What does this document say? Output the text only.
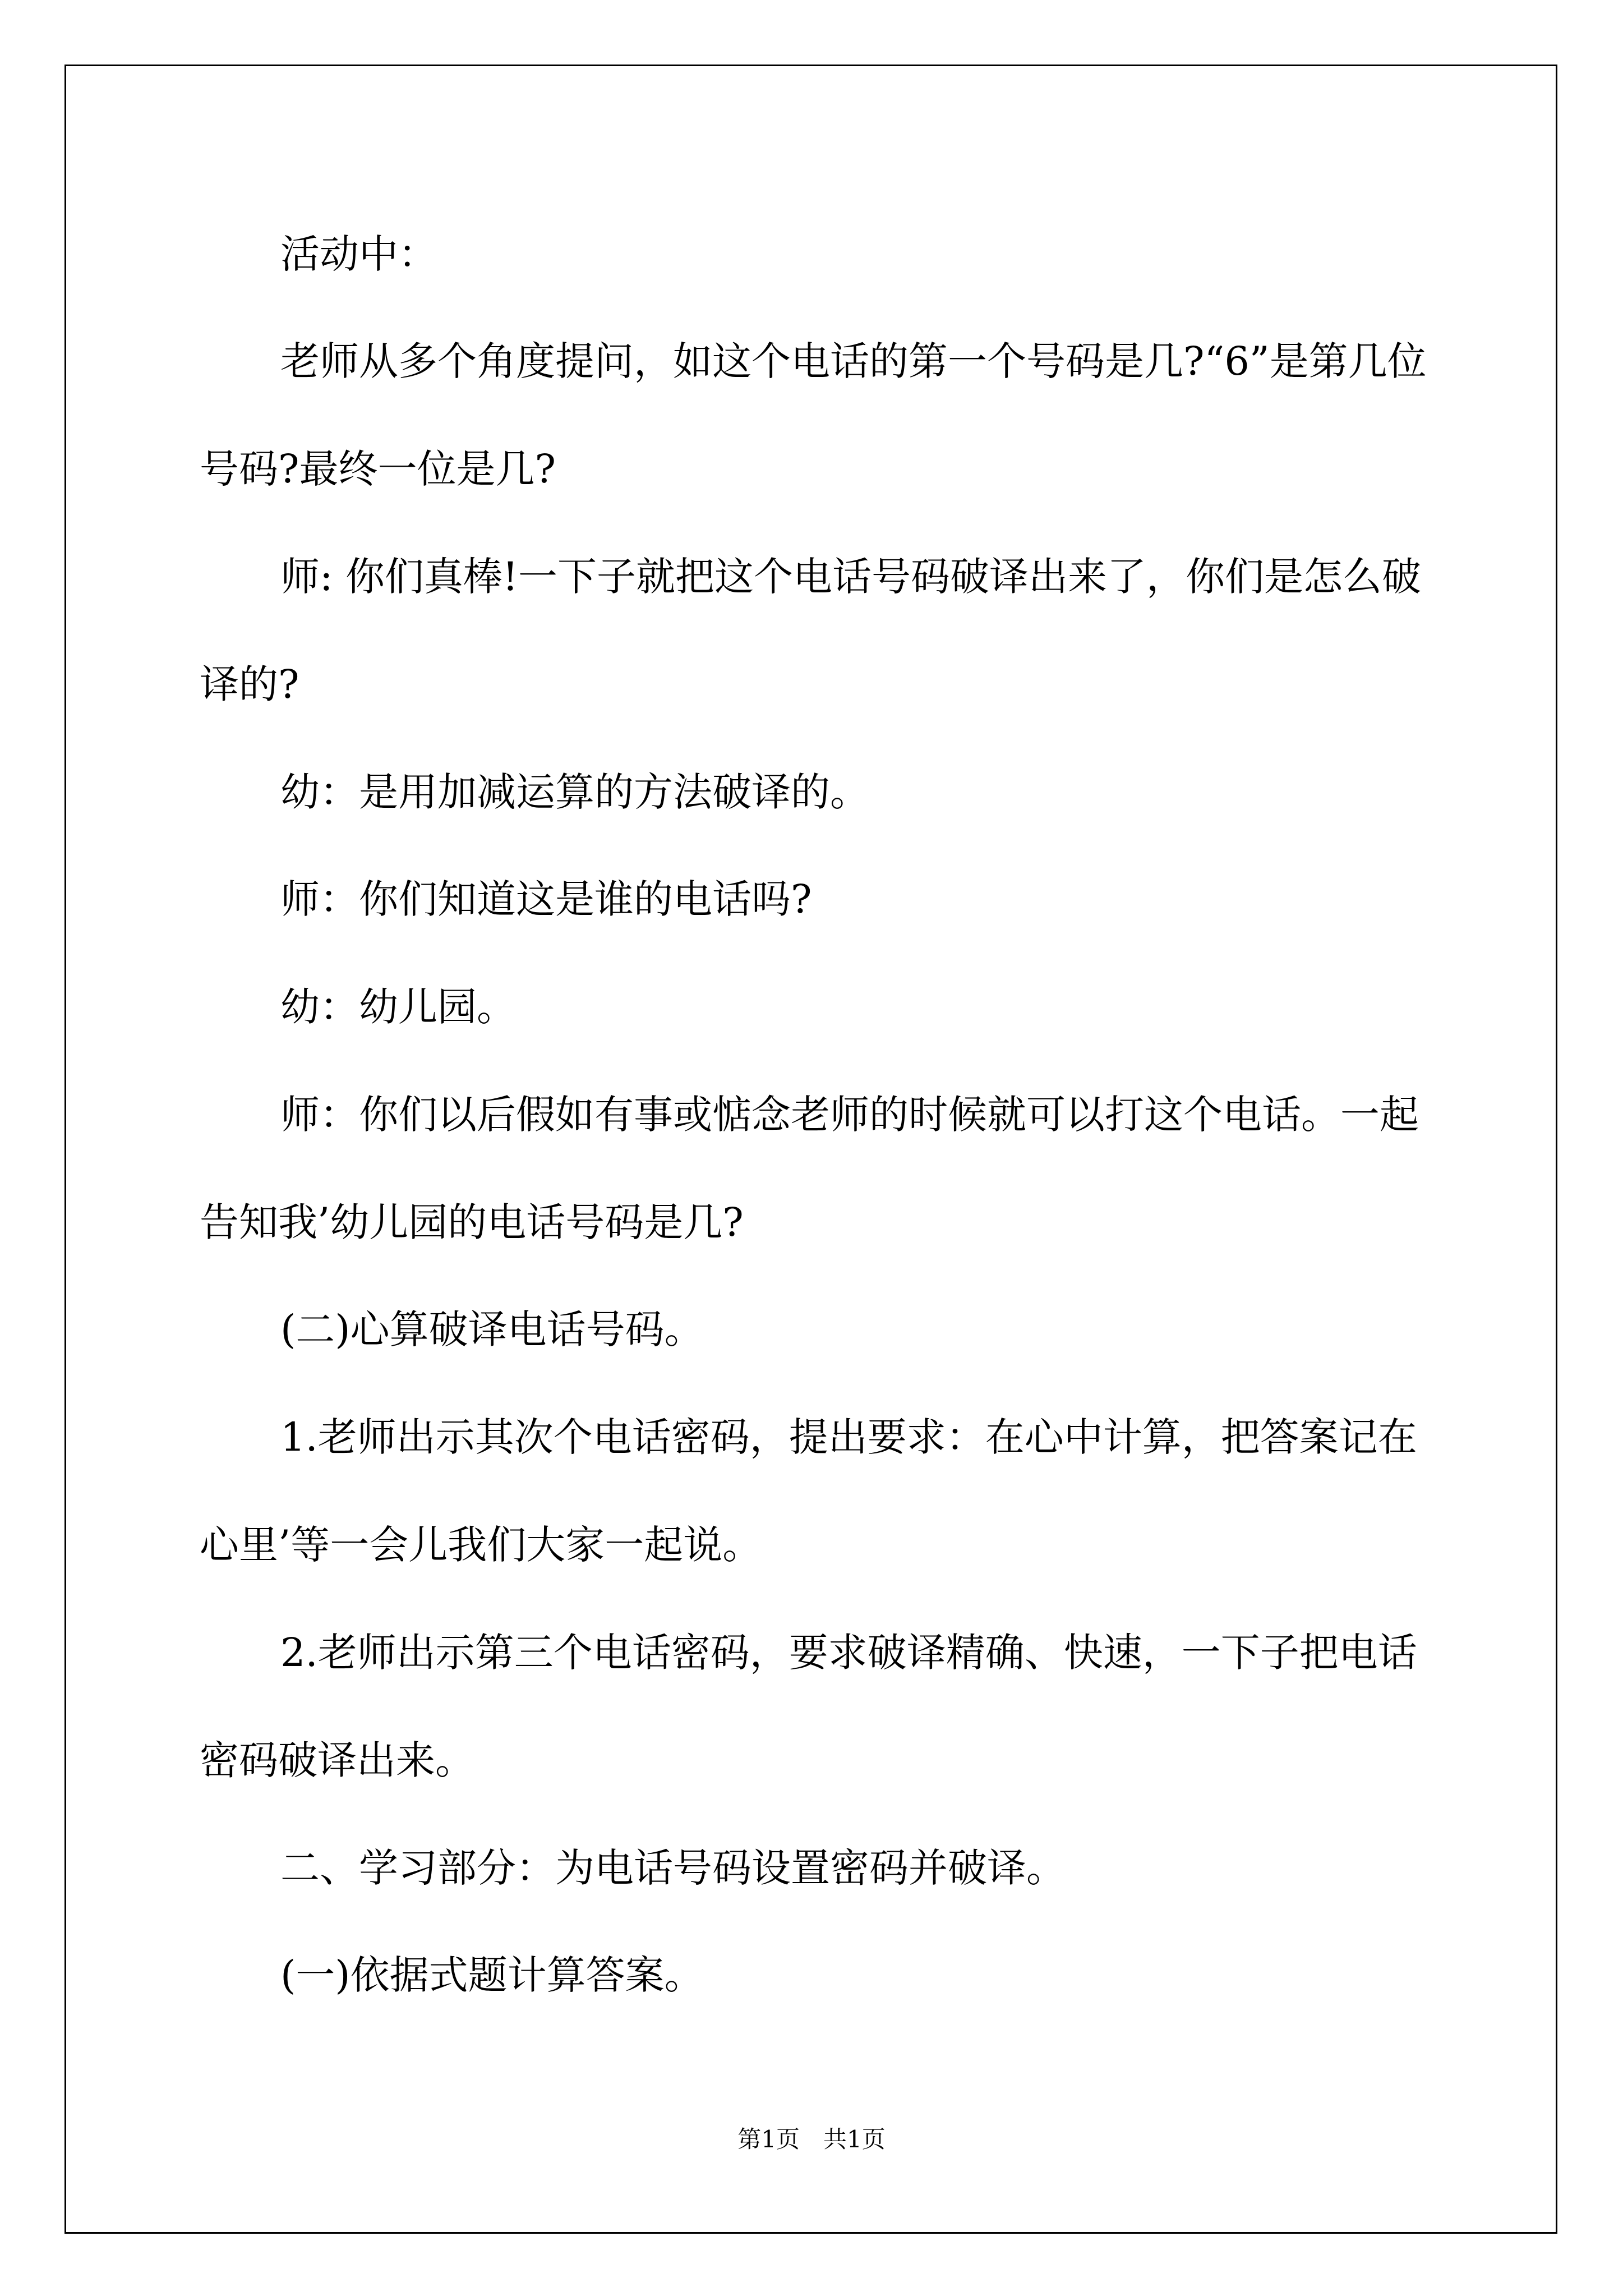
活动中：

老师从多个角度提问，如这个电话的第一个号码是几?“6”是第几位号码?最终一位是几?

师: 你们真棒!一下子就把这个电话号码破译出来了，你们是怎么破译的?

幼：是用加减运算的方法破译的。

师：你们知道这是谁的电话吗?

幼：幼儿园。

师：你们以后假如有事或惦念老师的时候就可以打这个电话。一起告知我’幼儿园的电话号码是几?

(二)心算破译电话号码。

1.老师出示其次个电话密码，提出要求：在心中计算，把答案记在心里’等一会儿我们大家一起说。

2.老师出示第三个电话密码，要求破译精确、快速，一下子把电话密码破译出来。

二、学习部分：为电话号码设置密码并破译。

(一)依据式题计算答案。

第1页　共1页
